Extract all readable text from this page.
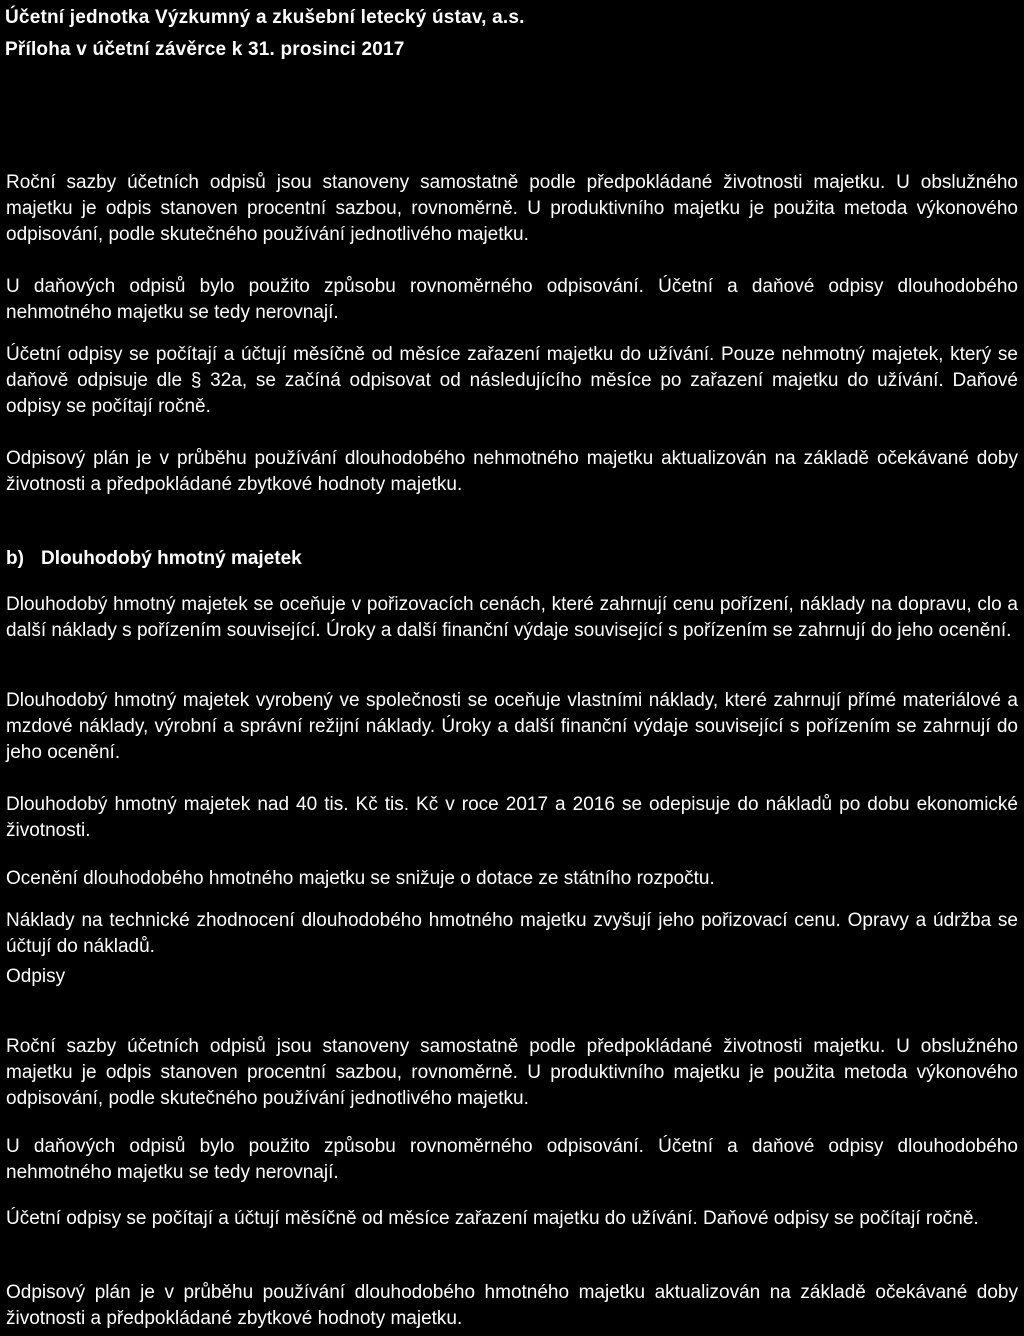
Účetní jednotka Výzkumný a zkušební letecký ústav, a.s.
Příloha v účetní závěrce k 31. prosinci 2017

Roční sazby účetních odpisů jsou stanoveny samostatně podle předpokládané životnosti majetku. U obslužného majetku je odpis stanoven procentní sazbou, rovnoměrně. U produktivního majetku je použita metoda výkonového odpisování, podle skutečného používání jednotlivého majetku.

U daňových odpisů bylo použito způsobu rovnoměrného odpisování. Účetní a daňové odpisy dlouhodobého nehmotného majetku se tedy nerovnají.

Účetní odpisy se počítají a účtují měsíčně od měsíce zařazení majetku do užívání. Pouze nehmotný majetek, který se daňově odpisuje dle § 32a, se začíná odpisovat od následujícího měsíce po zařazení majetku do užívání. Daňové odpisy se počítají ročně.

Odpisový plán je v průběhu používání dlouhodobého nehmotného majetku aktualizován na základě očekávané doby životnosti a předpokládané zbytkové hodnoty majetku.

b) Dlouhodobý hmotný majetek

Dlouhodobý hmotný majetek se oceňuje v pořizovacích cenách, které zahrnují cenu pořízení, náklady na dopravu, clo a další náklady s pořízením související. Úroky a další finanční výdaje související s pořízením se zahrnují do jeho ocenění.

Dlouhodobý hmotný majetek vyrobený ve společnosti se oceňuje vlastními náklady, které zahrnují přímé materiálové a mzdové náklady, výrobní a správní režijní náklady. Úroky a další finanční výdaje související s pořízením se zahrnují do jeho ocenění.

Dlouhodobý hmotný majetek nad 40 tis. Kč tis. Kč v roce 2017 a 2016 se odepisuje do nákladů po dobu ekonomické životnosti.

Ocenění dlouhodobého hmotného majetku se snižuje o dotace ze státního rozpočtu.

Náklady na technické zhodnocení dlouhodobého hmotného majetku zvyšují jeho pořizovací cenu. Opravy a údržba se účtují do nákladů.

Odpisy

Roční sazby účetních odpisů jsou stanoveny samostatně podle předpokládané životnosti majetku. U obslužného majetku je odpis stanoven procentní sazbou, rovnoměrně. U produktivního majetku je použita metoda výkonového odpisování, podle skutečného používání jednotlivého majetku.

U daňových odpisů bylo použito způsobu rovnoměrného odpisování. Účetní a daňové odpisy dlouhodobého nehmotného majetku se tedy nerovnají.

Účetní odpisy se počítají a účtují měsíčně od měsíce zařazení majetku do užívání. Daňové odpisy se počítají ročně.

Odpisový plán je v průběhu používání dlouhodobého hmotného majetku aktualizován na základě očekávané doby životnosti a předpokládané zbytkové hodnoty majetku.
